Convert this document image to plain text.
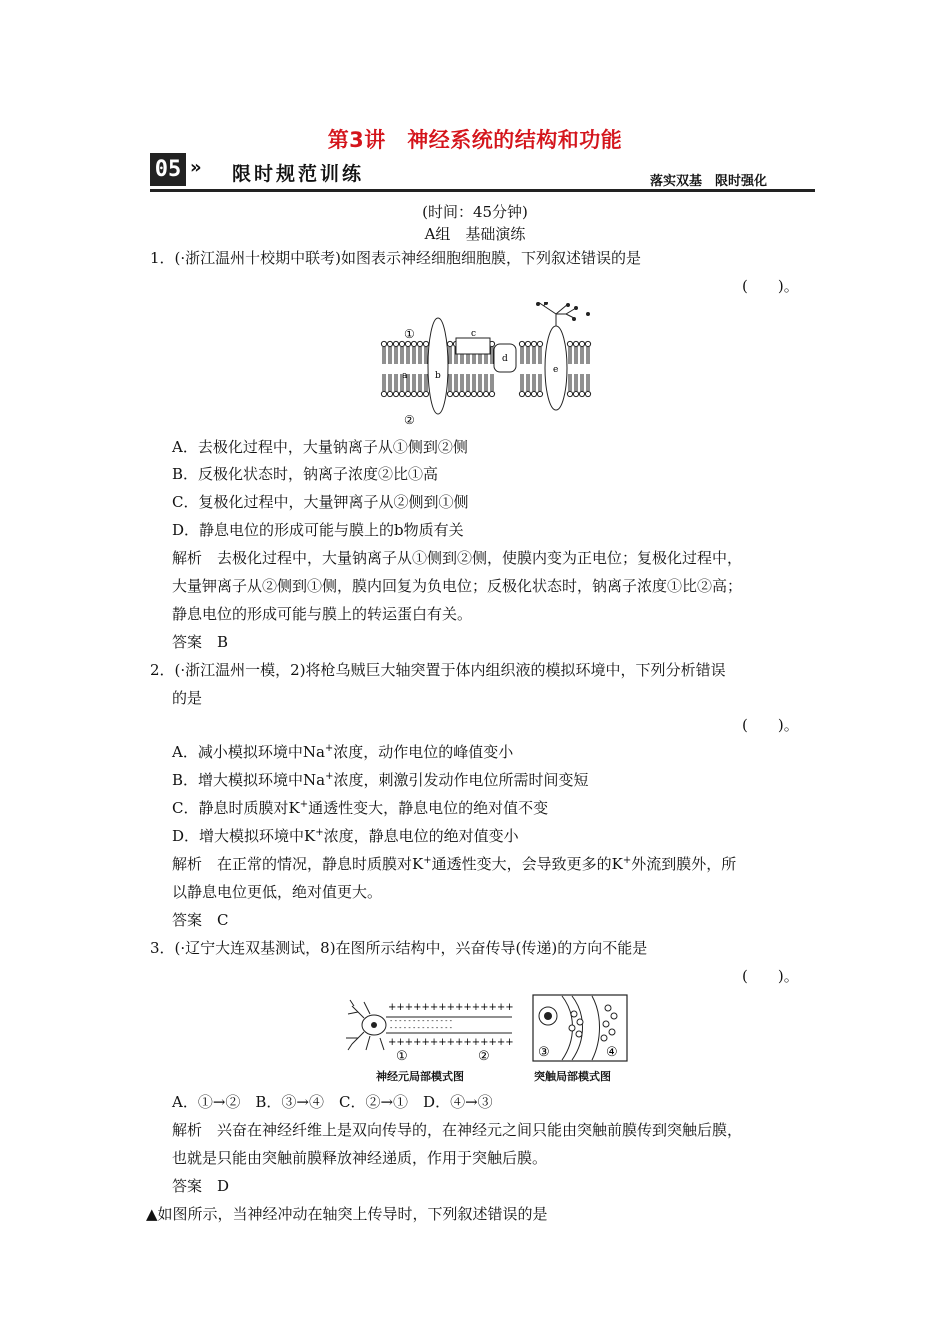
第3讲　神经系统的结构和功能
05 » 限时规范训练	落实双基　限时强化
(时间：45分钟)
A组　基础演练
1．(·浙江温州十校期中联考)如图表示神经细胞细胞膜，下列叙述错误的是
(　　)。
①
②
a	b
c
d
e
A．去极化过程中，大量钠离子从①侧到②侧
B．反极化状态时，钠离子浓度②比①高
C．复极化过程中，大量钾离子从②侧到①侧
D．静息电位的形成可能与膜上的b物质有关
解析　去极化过程中，大量钠离子从①侧到②侧，使膜内变为正电位；复极化过程中，
大量钾离子从②侧到①侧，膜内回复为负电位；反极化状态时，钠离子浓度①比②高；
静息电位的形成可能与膜上的转运蛋白有关。
答案　B
2．(·浙江温州一模，2)将枪乌贼巨大轴突置于体内组织液的模拟环境中，下列分析错误
的是
(　　)。
A．减小模拟环境中Na+浓度，动作电位的峰值变小
B．增大模拟环境中Na+浓度，刺激引发动作电位所需时间变短
C．静息时质膜对K+通透性变大，静息电位的绝对值不变
D．增大模拟环境中K+浓度，静息电位的绝对值变小
解析　在正常的情况，静息时质膜对K+通透性变大，会导致更多的K+外流到膜外，所
以静息电位更低，绝对值更大。
答案　C
3．(·辽宁大连双基测试，8)在图所示结构中，兴奋传导(传递)的方向不能是
(　　)。
+++++++++++++++
- - - - - - - - - - - - - -
- - - - - - - - - - - - - -
+++++++++++++++
①	②
神经元局部模式图
③	④
突触局部模式图
A．①→②　B．③→④　C．②→①　D．④→③
解析　兴奋在神经纤维上是双向传导的，在神经元之间只能由突触前膜传到突触后膜，
也就是只能由突触前膜释放神经递质，作用于突触后膜。
答案　D
▲如图所示，当神经冲动在轴突上传导时，下列叙述错误的是
